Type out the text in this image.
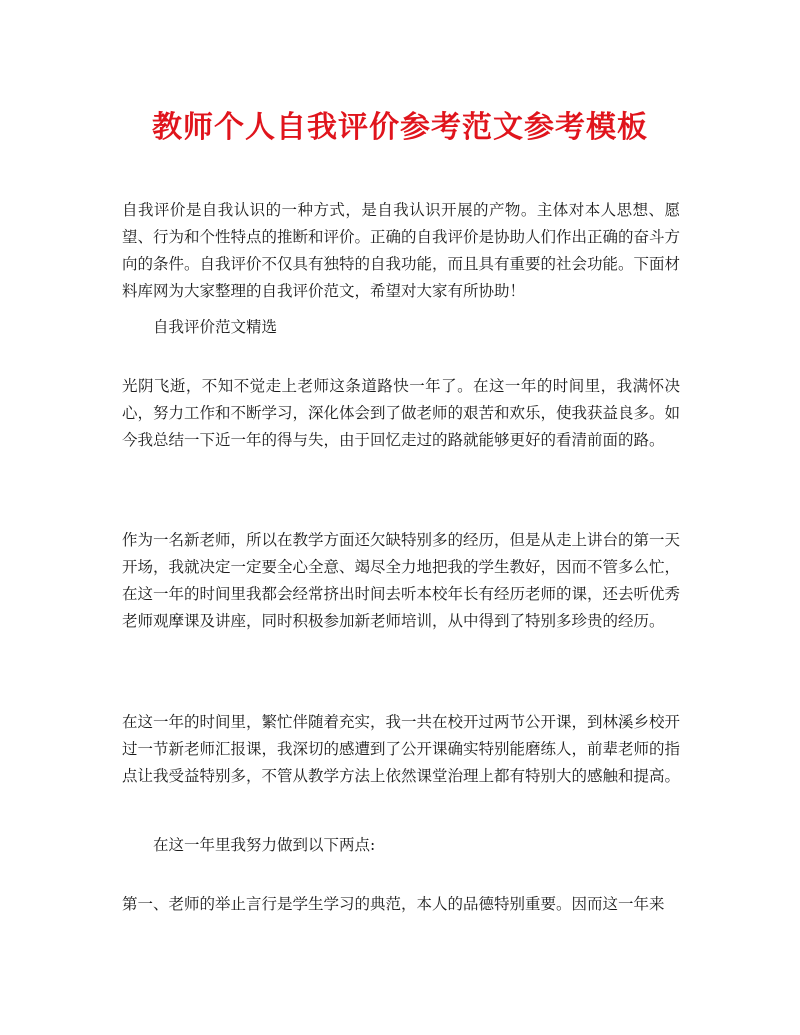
教师个人自我评价参考范文参考模板

自我评价是自我认识的一种方式，是自我认识开展的产物。主体对本人思想、愿望、行为和个性特点的推断和评价。正确的自我评价是协助人们作出正确的奋斗方向的条件。自我评价不仅具有独特的自我功能，而且具有重要的社会功能。下面材料库网为大家整理的自我评价范文，希望对大家有所协助！

自我评价范文精选

光阴飞逝，不知不觉走上老师这条道路快一年了。在这一年的时间里，我满怀决心，努力工作和不断学习，深化体会到了做老师的艰苦和欢乐，使我获益良多。如今我总结一下近一年的得与失，由于回忆走过的路就能够更好的看清前面的路。

作为一名新老师，所以在教学方面还欠缺特别多的经历，但是从走上讲台的第一天开场，我就决定一定要全心全意、竭尽全力地把我的学生教好，因而不管多么忙，在这一年的时间里我都会经常挤出时间去听本校年长有经历老师的课，还去听优秀老师观摩课及讲座，同时积极参加新老师培训，从中得到了特别多珍贵的经历。

在这一年的时间里，繁忙伴随着充实，我一共在校开过两节公开课，到林溪乡校开过一节新老师汇报课，我深切的感遭到了公开课确实特别能磨练人，前辈老师的指点让我受益特别多，不管从教学方法上依然课堂治理上都有特别大的感触和提高。

在这一年里我努力做到以下两点:

第一、老师的举止言行是学生学习的典范，本人的品德特别重要。因而这一年来
